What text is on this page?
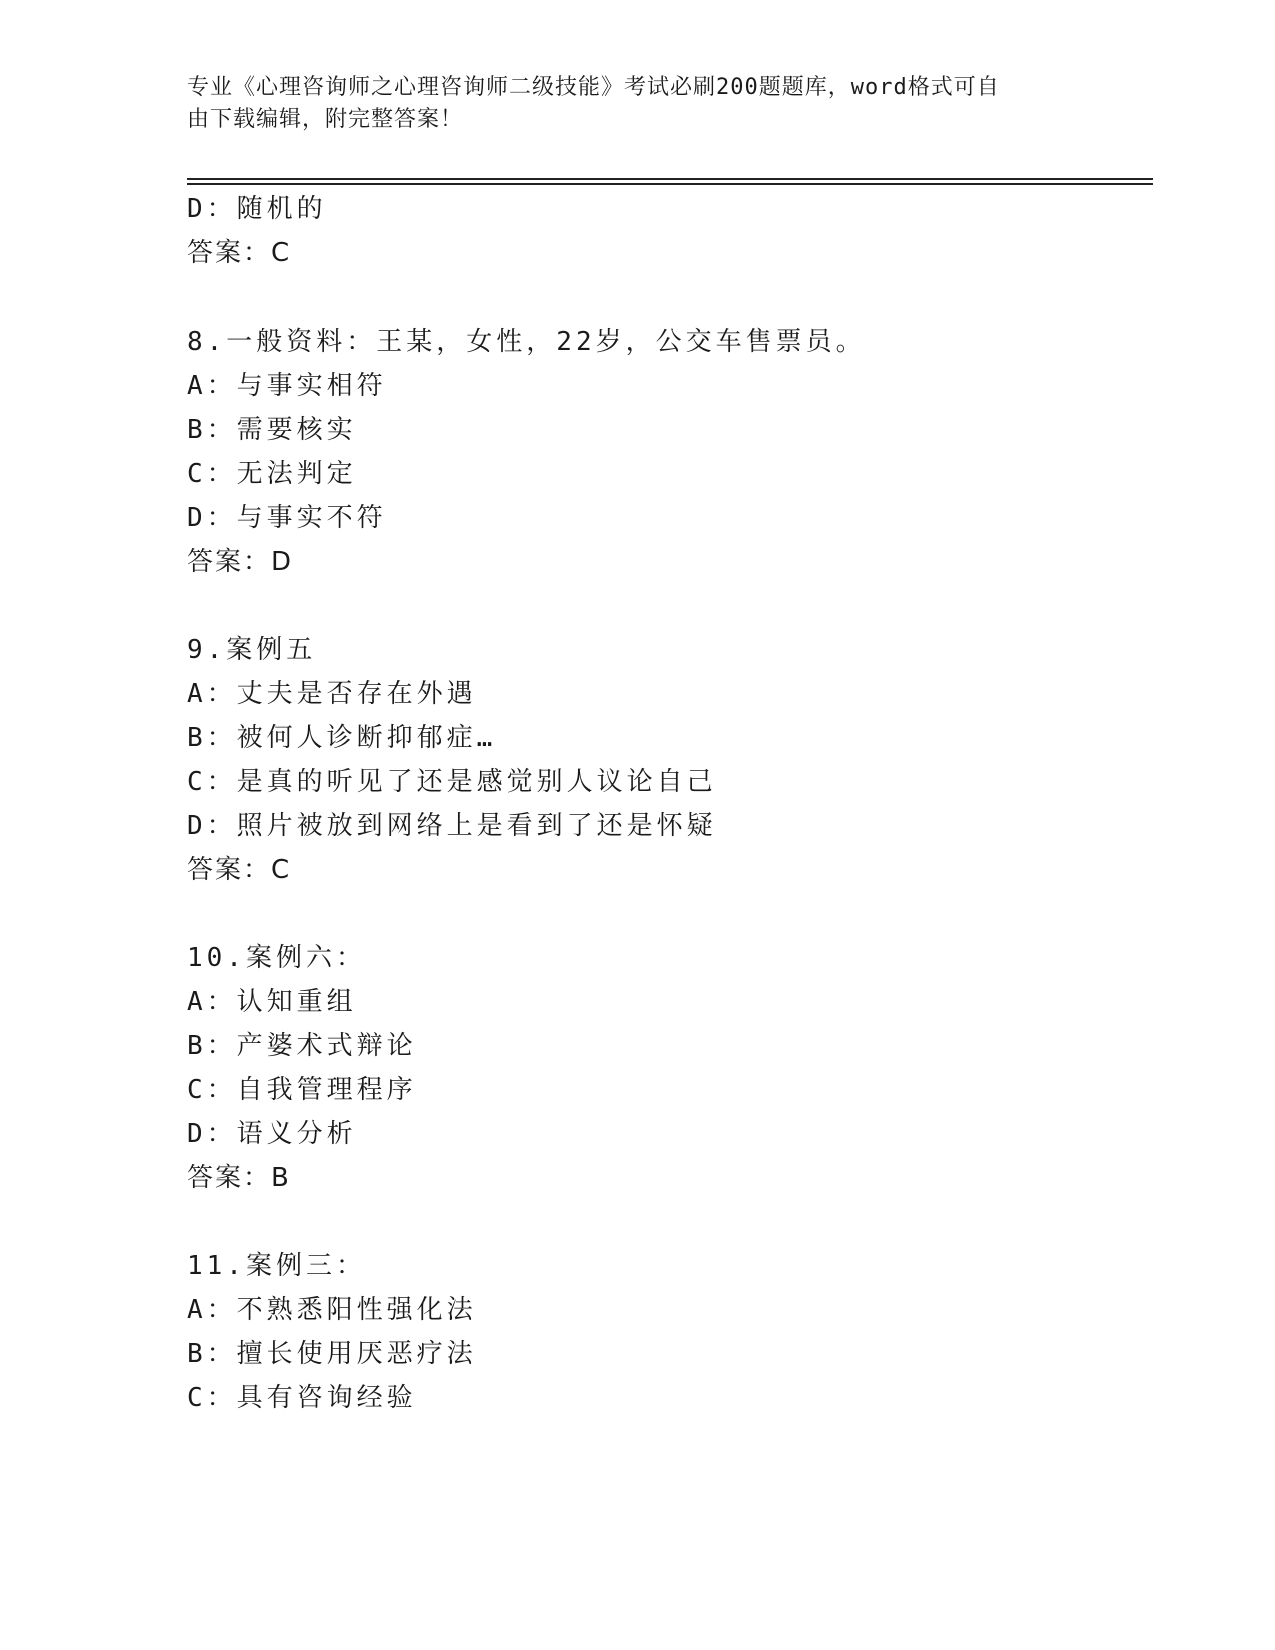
专业《心理咨询师之心理咨询师二级技能》考试必刷200题题库，word格式可自
由下载编辑，附完整答案！
D：随机的
答案：C
8.一般资料：王某，女性，22岁，公交车售票员。
A：与事实相符
B：需要核实
C：无法判定
D：与事实不符
答案：D
9.案例五
A：丈夫是否存在外遇
B：被何人诊断抑郁症…
C：是真的听见了还是感觉别人议论自己
D：照片被放到网络上是看到了还是怀疑
答案：C
10.案例六：
A：认知重组
B：产婆术式辩论
C：自我管理程序
D：语义分析
答案：B
11.案例三：
A：不熟悉阳性强化法
B：擅长使用厌恶疗法
C：具有咨询经验
